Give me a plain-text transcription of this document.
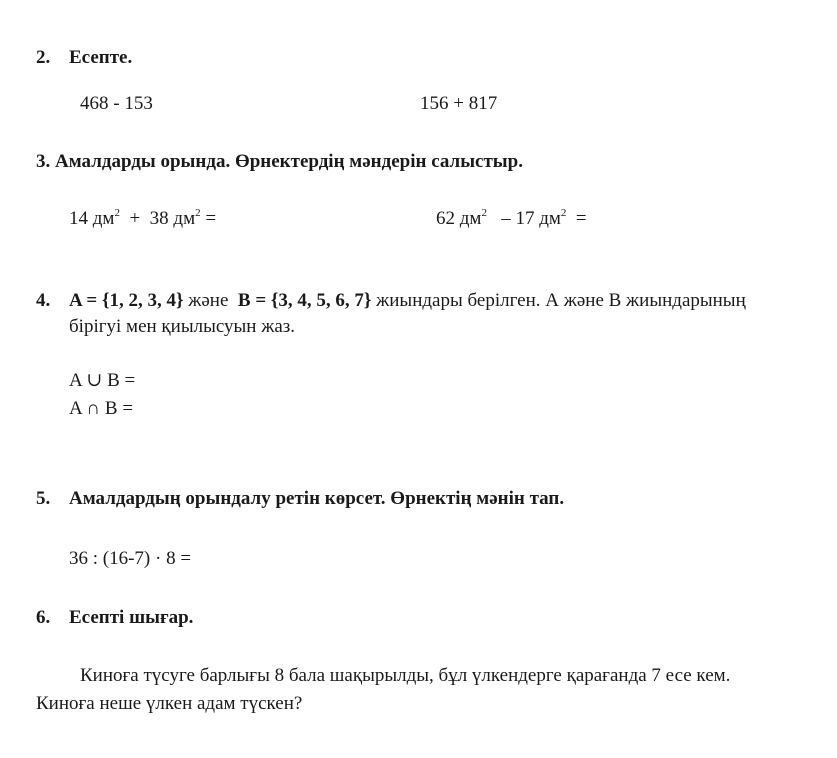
2. Есепте.
468 - 153	156 + 817
3. Амалдарды орында. Өрнектердің мәндерін салыстыр.
14 $дм^2 + 38$ $дм^2$ =	62 $дм^2 - 17$ $дм^2$  =
4. A = {1, 2, 3, 4} және  B = {3, 4, 5, 6, 7} жиындары берілген. А және В жиындарының
бірігуі мен қиылысуын жаз.
A ∪ B =
A ∩ B =
5. Амалдардың орындалу ретін көрсет. Өрнектің мәнін тап.
36 : (16-7) · 8 =
6. Есепті шығар.
Киноға түсуге барлығы 8 бала шақырылды, бұл үлкендерге қарағанда 7 есе кем.
Киноға неше үлкен адам түскен?
